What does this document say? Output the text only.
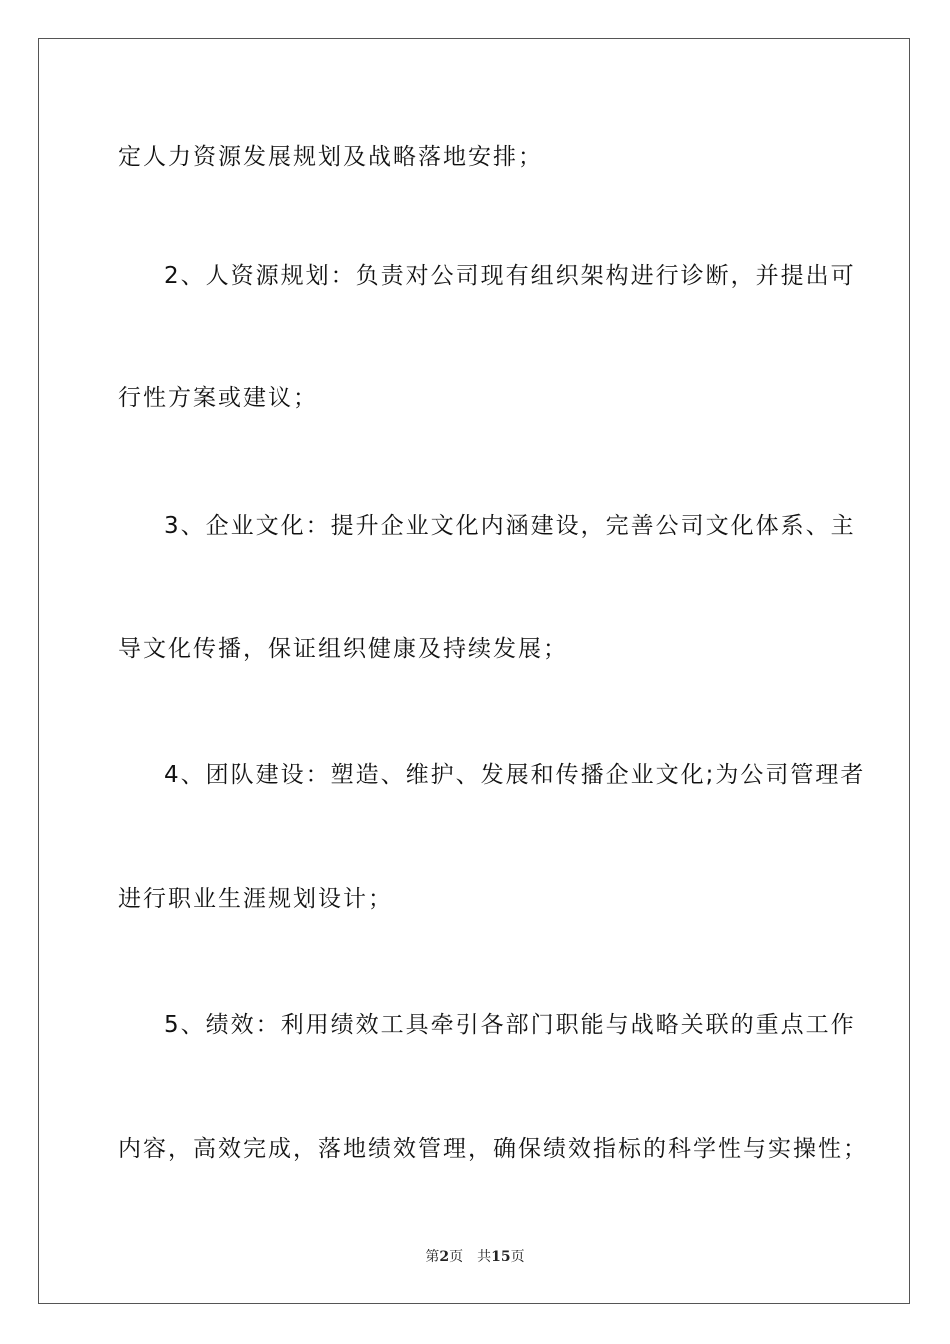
定人力资源发展规划及战略落地安排；
2、人资源规划：负责对公司现有组织架构进行诊断，并提出可
行性方案或建议；
3、企业文化：提升企业文化内涵建设，完善公司文化体系、主
导文化传播，保证组织健康及持续发展；
4、团队建设：塑造、维护、发展和传播企业文化;为公司管理者
进行职业生涯规划设计；
5、绩效：利用绩效工具牵引各部门职能与战略关联的重点工作
内容，高效完成，落地绩效管理，确保绩效指标的科学性与实操性；
第2页 共15页
